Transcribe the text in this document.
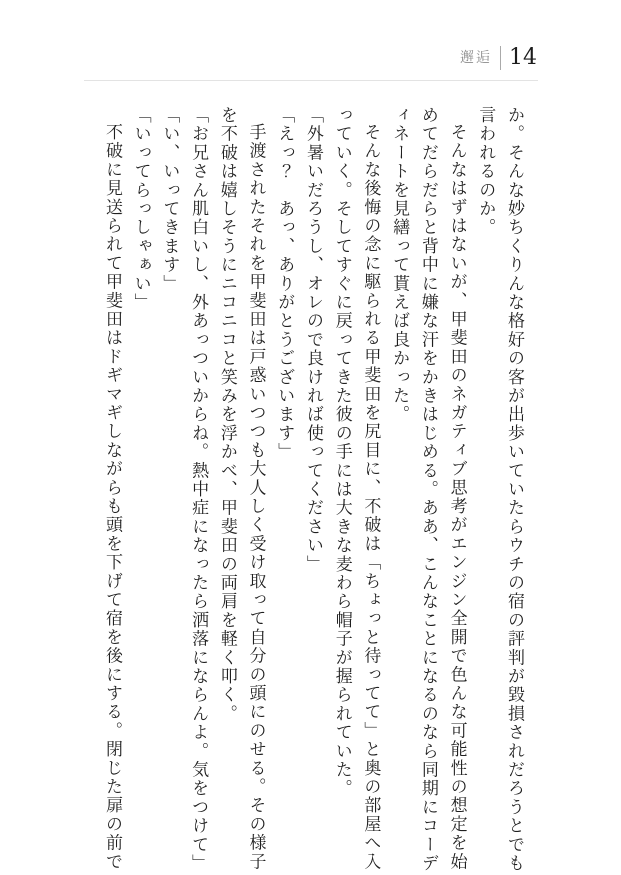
邂逅 14

か。そんな妙ちくりんな格好の客が出歩いていたらウチの宿の評判が毀損されだろうとでも言われるのか。

そんなはずはないが、甲斐田のネガティブ思考がエンジン全開で色んな可能性の想定を始めてだらだらと背中に嫌な汗をかきはじめる。ああ、こんなことになるのなら同期にコーディネートを見繕って貰えば良かった。

そんな後悔の念に駆られる甲斐田を尻目に、不破は「ちょっと待ってて」と奥の部屋へ入っていく。そしてすぐに戻ってきた彼の手には大きな麦わら帽子が握られていた。

「外暑いだろうし、オレので良ければ使ってください」

「えっ？　あっ、ありがとうございます」

手渡されたそれを甲斐田は戸惑いつつも大人しく受け取って自分の頭にのせる。その様子を不破は嬉しそうにニコニコと笑みを浮かべ、甲斐田の両肩を軽く叩く。

「お兄さん肌白いし、外あっついからね。熱中症になったら洒落にならんよ。気をつけて」

「い、いってきます」

「いってらっしゃぁい」

不破に見送られて甲斐田はドギマギしながらも頭を下げて宿を後にする。閉じた扉の前で
